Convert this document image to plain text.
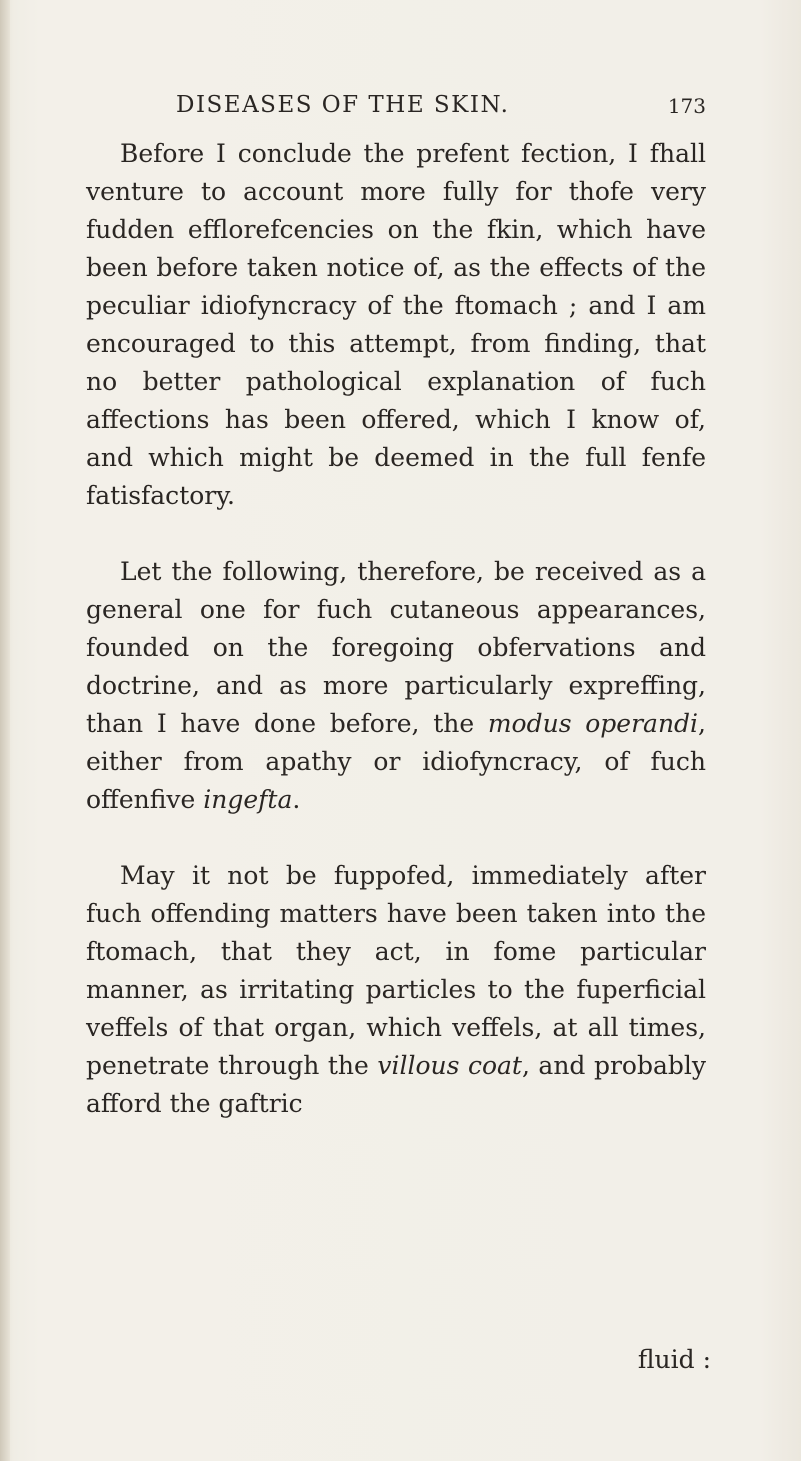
DISEASES OF THE SKIN.	173

Before I conclude the prefent fection, I fhall venture to account more fully for thofe very fudden efflorefcencies on the fkin, which have been before taken notice of, as the effects of the peculiar idiofyncracy of the ftomach ; and I am encouraged to this attempt, from finding, that no better pathological explanation of fuch affections has been offered, which I know of, and which might be deemed in the full fenfe fatisfactory.

Let the following, therefore, be received as a general one for fuch cutaneous appearances, founded on the foregoing obfervations and doctrine, and as more particularly expreffing, than I have done before, the modus operandi, either from apathy or idiofyncracy, of fuch offenfive ingefta.

May it not be fuppofed, immediately after fuch offending matters have been taken into the ftomach, that they act, in fome particular manner, as irritating particles to the fuperficial veffels of that organ, which veffels, at all times, penetrate through the villous coat, and probably afford the gaftric

fluid :
